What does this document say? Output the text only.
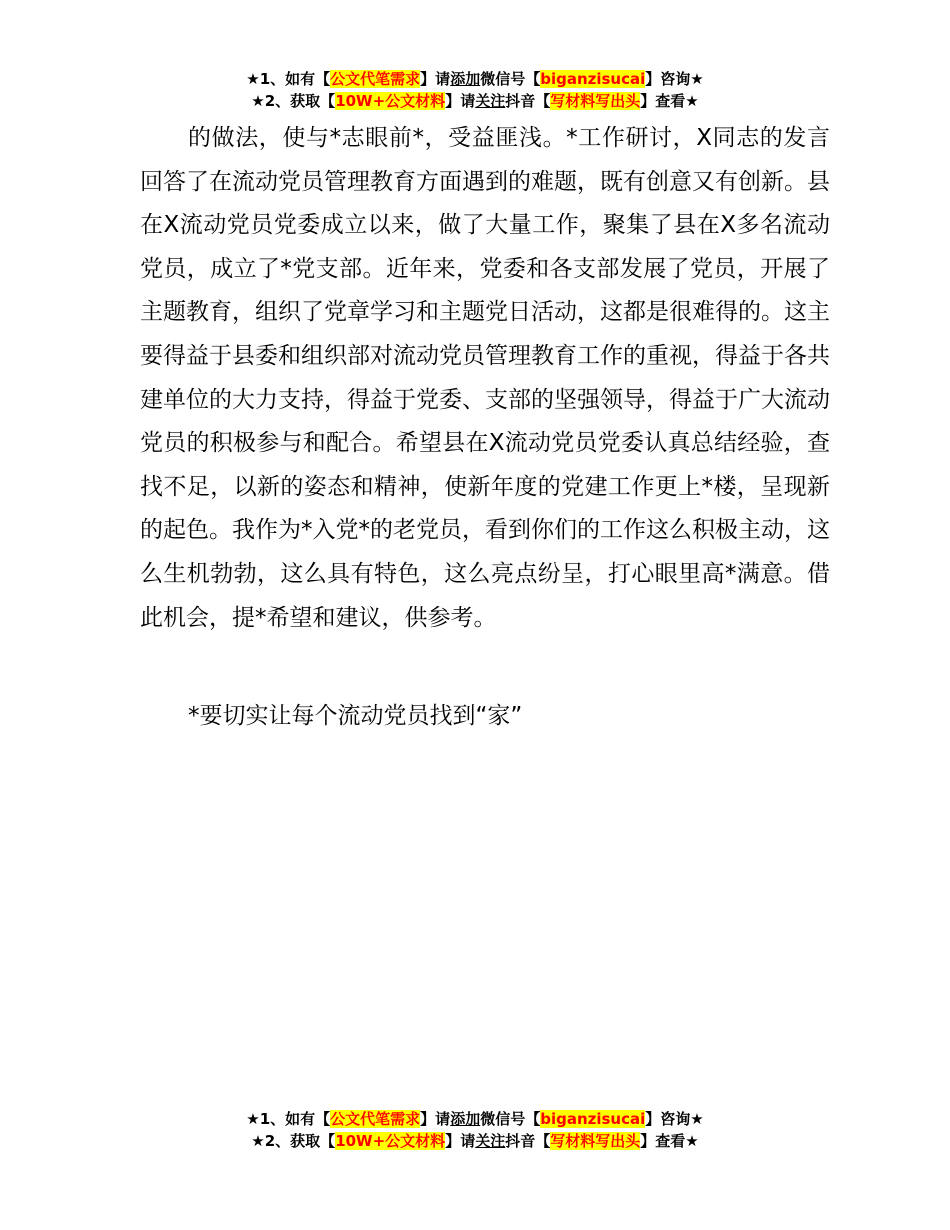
★1、如有【公文代笔需求】请添加微信号【biganzisucai】咨询★
★2、获取【10W+公文材料】请关注抖音【写材料写出头】查看★

的做法，使与*志眼前*，受益匪浅。*工作研讨，X同志的发言回答了在流动党员管理教育方面遇到的难题，既有创意又有创新。县在X流动党员党委成立以来，做了大量工作，聚集了县在X多名流动党员，成立了*党支部。近年来，党委和各支部发展了党员，开展了主题教育，组织了党章学习和主题党日活动，这都是很难得的。这主要得益于县委和组织部对流动党员管理教育工作的重视，得益于各共建单位的大力支持，得益于党委、支部的坚强领导，得益于广大流动党员的积极参与和配合。希望县在X流动党员党委认真总结经验，查找不足，以新的姿态和精神，使新年度的党建工作更上*楼，呈现新的起色。我作为*入党*的老党员，看到你们的工作这么积极主动，这么生机勃勃，这么具有特色，这么亮点纷呈，打心眼里高*满意。借此机会，提*希望和建议，供参考。

*要切实让每个流动党员找到“家”

★1、如有【公文代笔需求】请添加微信号【biganzisucai】咨询★
★2、获取【10W+公文材料】请关注抖音【写材料写出头】查看★
